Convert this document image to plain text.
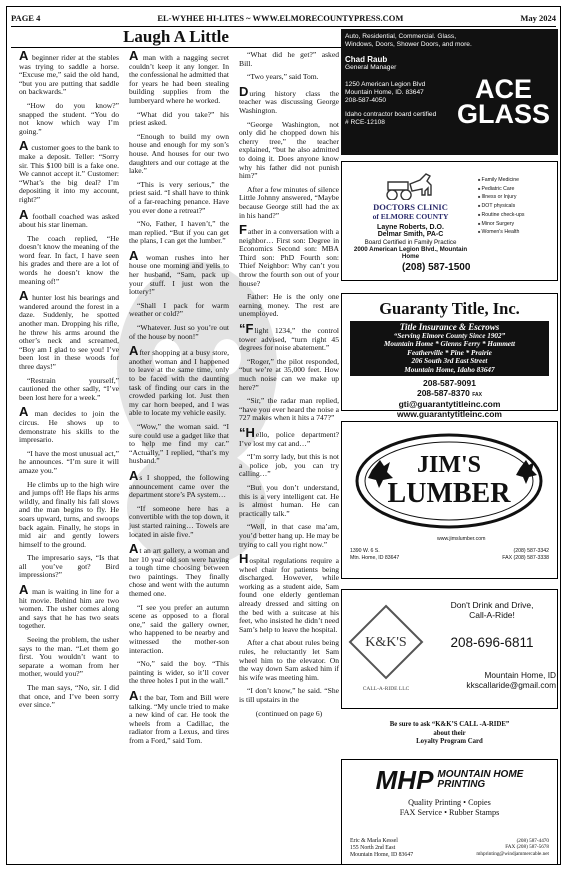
PAGE 4	EL-WYHEE HI-LITES ~ WWW.ELMORECOUNTYPRESS.COM	May 2024
Laugh A Little

A beginner rider at the stables was trying to saddle a horse. “Excuse me,” said the old hand, “but you are putting that saddle on backwards.”

“How do you know?” snapped the student. “You do not know which way I’m going.”

A customer goes to the bank to make a deposit. Teller: “Sorry sir. This $100 bill is a fake one. We cannot accept it.” Customer: “What’s the big deal? I’m depositing it into my account, right?”

A football coached was asked about his star lineman.

The coach replied, “He doesn’t know the meaning of the word fear. In fact, I have seen his grades and there are a lot of words he doesn’t know the meaning of!”

A hunter lost his bearings and wandered around the forest in a daze. Suddenly, he spotted another man. Dropping his rifle, he threw his arms around the other’s neck and screamed, “Boy am I glad to see you! I’ve been lost in these woods for three days!”

“Restrain yourself,” cautioned the other sadly, “I’ve been lost here for a week.”

A man decides to join the circus. He shows up to demonstrate his skills to the impresario.

“I have the most unusual act,” he announces. “I’m sure it will amaze you.”

He climbs up to the high wire and jumps off! He flaps his arms wildly, and finally his fall slows and the man begins to fly. He soars upward, turns, and swoops back again. Finally, he stops in mid air and gently lowers himself to the ground.

The impresario says, “Is that all you’ve got? Bird impressions?”

A man is waiting in line for a hit movie. Behind him are two women. The usher comes along and says that he has two seats together.

Seeing the problem, the usher says to the man. “Let them go first. You wouldn’t want to separate a woman from her mother, would you?”

The man says, “No, sir. I did that once, and I’ve been sorry ever since.”

A man with a nagging secret couldn’t keep it any longer. In the confessional he admitted that for years he had been stealing building supplies from the lumberyard where he worked.

“What did you take?” his priest asked.

“Enough to build my own house and enough for my son’s house. And houses for our two daughters and our cottage at the lake.”

“This is very serious,” the priest said. “I shall have to think of a far-reaching penance. Have you ever done a retreat?”

“No, Father, I haven’t,” the man replied. “But if you can get the plans, I can get the lumber.”

A woman rushes into her house one morning and yells to her husband, “Sam, pack up your stuff. I just won the lottery!”

“Shall I pack for warm weather or cold?”

“Whatever. Just so you’re out of the house by noon!”

After shopping at a busy store, another woman and I happened to leave at the same time, only to be faced with the daunting task of finding our cars in the crowded parking lot. Just then my car horn beeped, and I was able to locate my vehicle easily.

“Wow,” the woman said. “I sure could use a gadget like that to help me find my car.” “Actually,” I replied, “that’s my husband.”

As I shopped, the following announcement came over the department store’s PA system…

“If someone here has a convertible with the top down, it just started raining… Towels are located in aisle five.”

At an art gallery, a woman and her 10 year old son were having a tough time choosing between two paintings. They finally chose and went with the autumn themed one.

“I see you prefer an autumn scene as opposed to a floral one,” said the gallery owner, who happened to be nearby and witnessed the mother-son interaction.

“No,” said the boy. “This painting is wider, so it’ll cover the three holes I put in the wall.”

At the bar, Tom and Bill were talking. “My uncle tried to make a new kind of car. He took the wheels from a Cadillac, the radiator from a Lexus, and tires from a Ford,” said Tom.

“What did he get?” asked Bill.

“Two years,” said Tom.

During history class the teacher was discussing George Washington.

“George Washington, not only did he chopped down his cherry tree,” the teacher explained, “but he also admitted to doing it. Does anyone know why his father did not punish him?”

After a few minutes of silence Little Johnny answered, “Maybe because George still had the ax in his hand?”

Father in a conversation with a neighbor… First son: Degree in Economics Second son: MBA Third son: PhD Fourth son: Thief Neighbor: Why can’t you throw the fourth son out of your house?

Father: He is the only one earning money. The rest are unemployed.

“Flight 1234,” the control tower advised, “turn right 45 degrees for noise abatement.”

“Roger,” the pilot responded, “but we’re at 35,000 feet. How much noise can we make up here?”

“Sir,” the radar man replied, “have you ever heard the noise a 727 makes when it hits a 747?”

“Hello, police department? I’ve lost my cat and…”

“I’m sorry lady, but this is not a police job, you can try calling…”

“But you don’t understand, this is a very intelligent cat. He is almost human. He can practically talk.”

“Well, in that case ma’am, you’d better hang up. He may be trying to call you right now.”

Hospital regulations require a wheel chair for patients being discharged. However, while working as a student aide, Sam found one elderly gentleman already dressed and sitting on the bed with a suitcase at his feet, who insisted he didn’t need Sam’s help to leave the hospital.

After a chat about rules being rules, he reluctantly let Sam wheel him to the elevator. On the way down Sam asked him if his wife was meeting him.

“I don’t know,” he said. “She is till upstairs in the

(continued on page 6)

Auto, Residential, Commercial. Glass, Windows, Doors, Shower Doors, and more.
Chad Raub
General Manager
1250 American Legion Blvd
Mountain Home, ID. 83647
208-587-4050
Idaho contractor board certified
# RCE-12108
ACE
GLASS
DOCTORS CLINIC
of ELMORE COUNTY
Layne Roberts, D.O.
Delmar Smith, PA-C
Board Certified in Family Practice
2000 American Legion Blvd., Mountain Home
(208) 587-1500
■ Family Medicine
■ Pediatric Care
■ Illness or Injury
■ DOT physicals
■ Routine check-ups
■ Minor Surgery
■ Women's Health
Guaranty Title, Inc.
Title Insurance & Escrows
“Serving Elmore County Since 1902”
Mountain Home * Glenns Ferry * Hammett
Featherville * Pine * Prairie
206 South 3rd East Street
Mountain Home, Idaho 83647
208-587-9091
208-587-8370 FAX
gti@guarantytitleinc.com
www.guarantytitleinc.com
JIM'S
LUMBER
www.jimslumber.com
1390 W. 6 S.
Mtn. Home, ID 83647
(208) 587-3342
FAX (208) 587-3338
K&K'S
CALL-A-RIDE LLC
Don't Drink and Drive,
Call-A-Ride!
208-696-6811
Mountain Home, ID
kkscallaride@gmail.com
Be sure to ask “K&K’S CALL -A-RIDE”
about their
Loyalty Program Card
MHP MOUNTAIN HOME
PRINTING
Quality Printing • Copies
FAX Service • Rubber Stamps
Eric & Marla Kessel
155 North 2nd East
Mountain Home, ID 83647
(208) 587-4470
FAX (208) 587-5678
mhprinting@windjammercable.net
